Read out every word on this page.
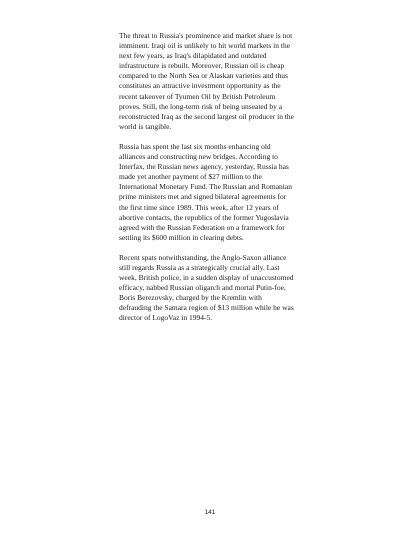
The threat to Russia's prominence and market share is not
imminent. Iraqi oil is unlikely to hit world markets in the
next few years, as Iraq's dilapidated and outdated
infrastructure is rebuilt. Moreover, Russian oil is cheap
compared to the North Sea or Alaskan varieties and thus
constitutes an attractive investment opportunity as the
recent takeover of Tyumen Oil by British Petroleum
proves. Still, the long-term risk of being unseated by a
reconstructed Iraq as the second largest oil producer in the
world is tangible.

Russia has spent the last six months enhancing old
alliances and constructing new bridges. According to
Interfax, the Russian news agency, yesterday, Russia has
made yet another payment of $27 million to the
International Monetary Fund. The Russian and Romanian
prime ministers met and signed bilateral agreements for
the first time since 1989. This week, after 12 years of
abortive contacts, the republics of the former Yugoslavia
agreed with the Russian Federation on a framework for
settling its $600 million in clearing debts.

Recent spats notwithstanding, the Anglo-Saxon alliance
still regards Russia as a strategically crucial ally. Last
week, British police, in a sudden display of unaccustomed
efficacy, nabbed Russian oligarch and mortal Putin-foe,
Boris Berezovsky, charged by the Kremlin with
defrauding the Samara region of $13 million while he was
director of LogoVaz in 1994-5.

141
